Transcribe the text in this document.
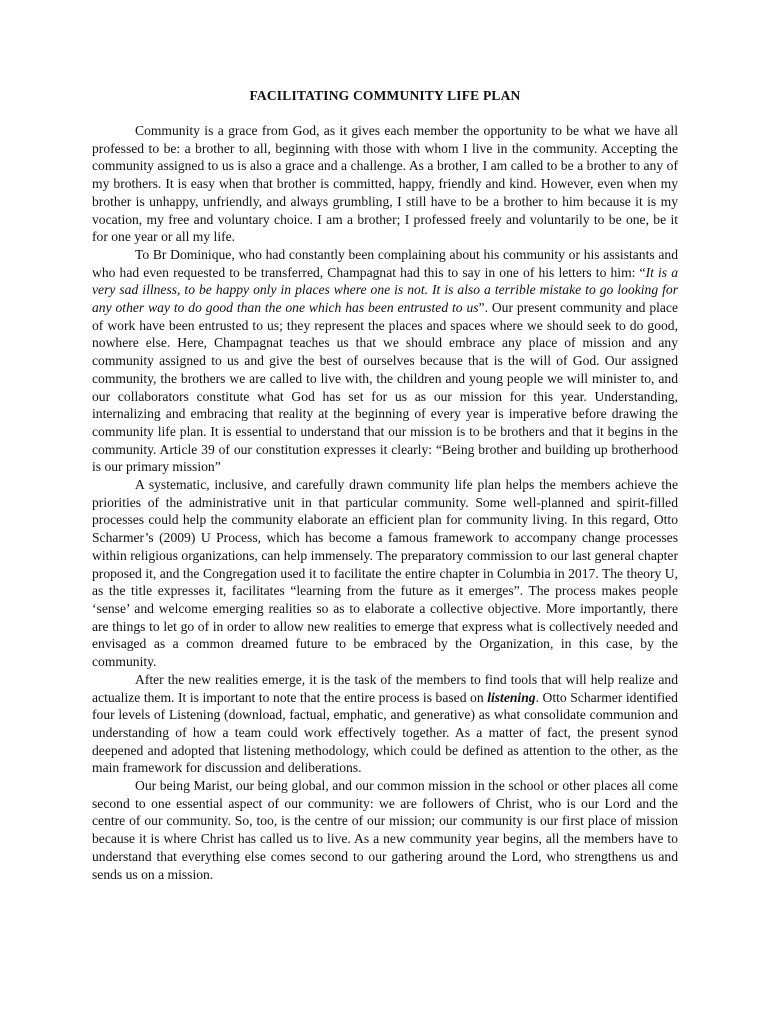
FACILITATING COMMUNITY LIFE PLAN

Community is a grace from God, as it gives each member the opportunity to be what we have all professed to be: a brother to all, beginning with those with whom I live in the community. Accepting the community assigned to us is also a grace and a challenge. As a brother, I am called to be a brother to any of my brothers. It is easy when that brother is committed, happy, friendly and kind. However, even when my brother is unhappy, unfriendly, and always grumbling, I still have to be a brother to him because it is my vocation, my free and voluntary choice. I am a brother; I professed freely and voluntarily to be one, be it for one year or all my life.

To Br Dominique, who had constantly been complaining about his community or his assistants and who had even requested to be transferred, Champagnat had this to say in one of his letters to him: “It is a very sad illness, to be happy only in places where one is not. It is also a terrible mistake to go looking for any other way to do good than the one which has been entrusted to us”. Our present community and place of work have been entrusted to us; they represent the places and spaces where we should seek to do good, nowhere else. Here, Champagnat teaches us that we should embrace any place of mission and any community assigned to us and give the best of ourselves because that is the will of God. Our assigned community, the brothers we are called to live with, the children and young people we will minister to, and our collaborators constitute what God has set for us as our mission for this year. Understanding, internalizing and embracing that reality at the beginning of every year is imperative before drawing the community life plan. It is essential to understand that our mission is to be brothers and that it begins in the community. Article 39 of our constitution expresses it clearly: “Being brother and building up brotherhood is our primary mission”

A systematic, inclusive, and carefully drawn community life plan helps the members achieve the priorities of the administrative unit in that particular community. Some well-planned and spirit-filled processes could help the community elaborate an efficient plan for community living. In this regard, Otto Scharmer’s (2009) U Process, which has become a famous framework to accompany change processes within religious organizations, can help immensely. The preparatory commission to our last general chapter proposed it, and the Congregation used it to facilitate the entire chapter in Columbia in 2017. The theory U, as the title expresses it, facilitates “learning from the future as it emerges”. The process makes people ‘sense’ and welcome emerging realities so as to elaborate a collective objective. More importantly, there are things to let go of in order to allow new realities to emerge that express what is collectively needed and envisaged as a common dreamed future to be embraced by the Organization, in this case, by the community.

After the new realities emerge, it is the task of the members to find tools that will help realize and actualize them. It is important to note that the entire process is based on listening. Otto Scharmer identified four levels of Listening (download, factual, emphatic, and generative) as what consolidate communion and understanding of how a team could work effectively together. As a matter of fact, the present synod deepened and adopted that listening methodology, which could be defined as attention to the other, as the main framework for discussion and deliberations.

Our being Marist, our being global, and our common mission in the school or other places all come second to one essential aspect of our community: we are followers of Christ, who is our Lord and the centre of our community. So, too, is the centre of our mission; our community is our first place of mission because it is where Christ has called us to live. As a new community year begins, all the members have to understand that everything else comes second to our gathering around the Lord, who strengthens us and sends us on a mission.
